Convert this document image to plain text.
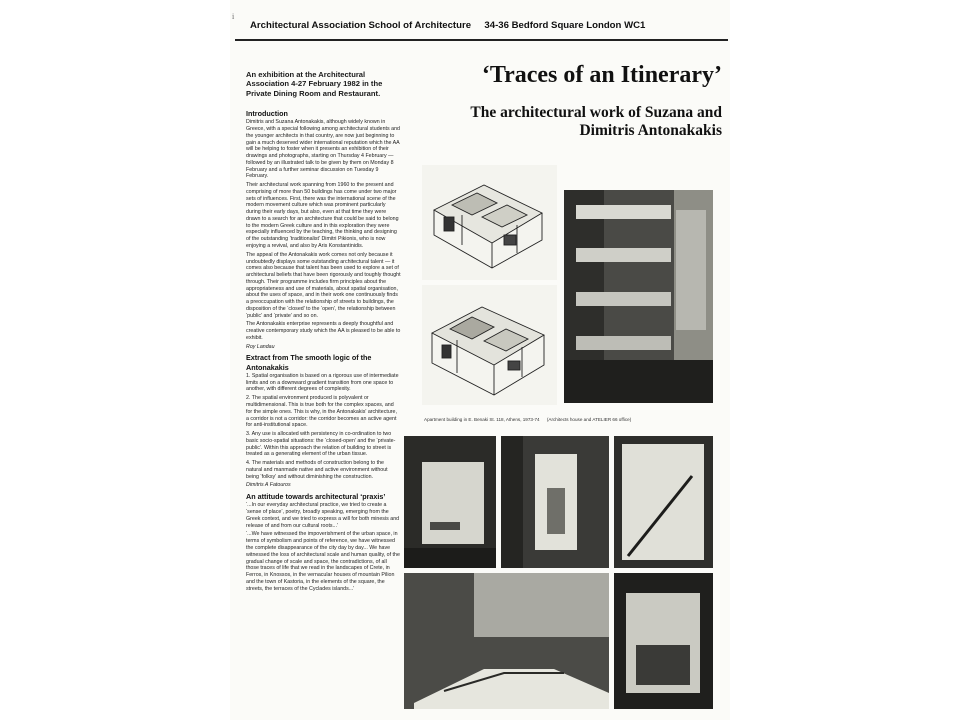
i
Architectural Association School of Architecture 34-36 Bedford Square London WC1
An exhibition at the Architectural Association 4-27 February 1982 in the Private Dining Room and Restaurant.
‘Traces of an Itinerary’
The architectural work of Suzana and Dimitris Antonakakis
Introduction

Dimitris and Suzana Antonakakis, although widely known in Greece, with a special following among architectural students and the younger architects in that country, are now just beginning to gain a much deserved wider international reputation which the AA will be helping to foster when it presents an exhibition of their drawings and photographs, starting on Thursday 4 February — followed by an illustrated talk to be given by them on Monday 8 February and a further seminar discussion on Tuesday 9 February.

Their architectural work spanning from 1960 to the present and comprising of more than 50 buildings has come under two major sets of influences. First, there was the international scene of the modern movement culture which was prominent particularly during their early days, but also, even at that time they were drawn to a search for an architecture that could be said to belong to the modern Greek culture and in this exploration they were especially influenced by the teaching, the thinking and designing of the outstanding ‘traditionalist’ Dimitri Pikionis, who is now enjoying a revival, and also by Aris Konstantinidis.

The appeal of the Antonakakis work comes not only because it undoubtedly displays some outstanding architectural talent — it comes also because that talent has been used to explore a set of architectural beliefs that have been rigorously and toughly thought through. Their programme includes firm principles about the appropriateness and use of materials, about spatial organisation, about the uses of space, and in their work one continuously finds a preoccupation with the relationship of streets to buildings, the disposition of the ‘closed’ to the ‘open’, the relationship between ‘public’ and ‘private’ and so on.

The Antonakakis enterprise represents a deeply thoughtful and creative contemporary study which the AA is pleased to be able to exhibit.

Roy Landau

Extract from The smooth logic of the Antonakakis

1. Spatial organisation is based on a rigorous use of intermediate limits and on a downward gradient transition from one space to another, with different degrees of complexity.

2. The spatial environment produced is polyvalent or multidimensional. This is true both for the complex spaces, and for the simple ones. This is why, in the Antonakakis' architecture, a corridor is not a corridor: the corridor becomes an active agent for anti-institutional space.

3. Any use is allocated with persistency in co-ordination to two basic socio-spatial situations: the ‘closed-open’ and the ‘private-public’. Within this approach the relation of building to street is treated as a generating element of the urban tissue.

4. The materials and methods of construction belong to the natural and manmade native and active environment without being ‘folksy’ and without diminishing the construction.

Dimitris A Fatouros

An attitude towards architectural ‘praxis’

‘...In our everyday architectural practice, we tried to create a ‘sense of place’, poetry, broadly speaking, emerging from the Greek context, and we tried to express a will for both minesis and release of and from our cultural roots...’

‘...We have witnessed the impoverishment of the urban space, in terms of symbolism and points of reference, we have witnessed the complete disappearance of the city day by day... We have witnessed the loss of architectural scale and human quality, of the gradual change of scale and space, the contradictions, of all those traces of life that we read in the landscapes of Crete, in Ferros, in Knossos, in the vernacular houses of mountain Pilion and the town of Kastoria, in the elements of the square, the streets, the terraces of the Cyclades islands...’

Apartment building in E. Benaki St. 118, Athens, 1973-74 (Architects house and ATELIER 66 office)
